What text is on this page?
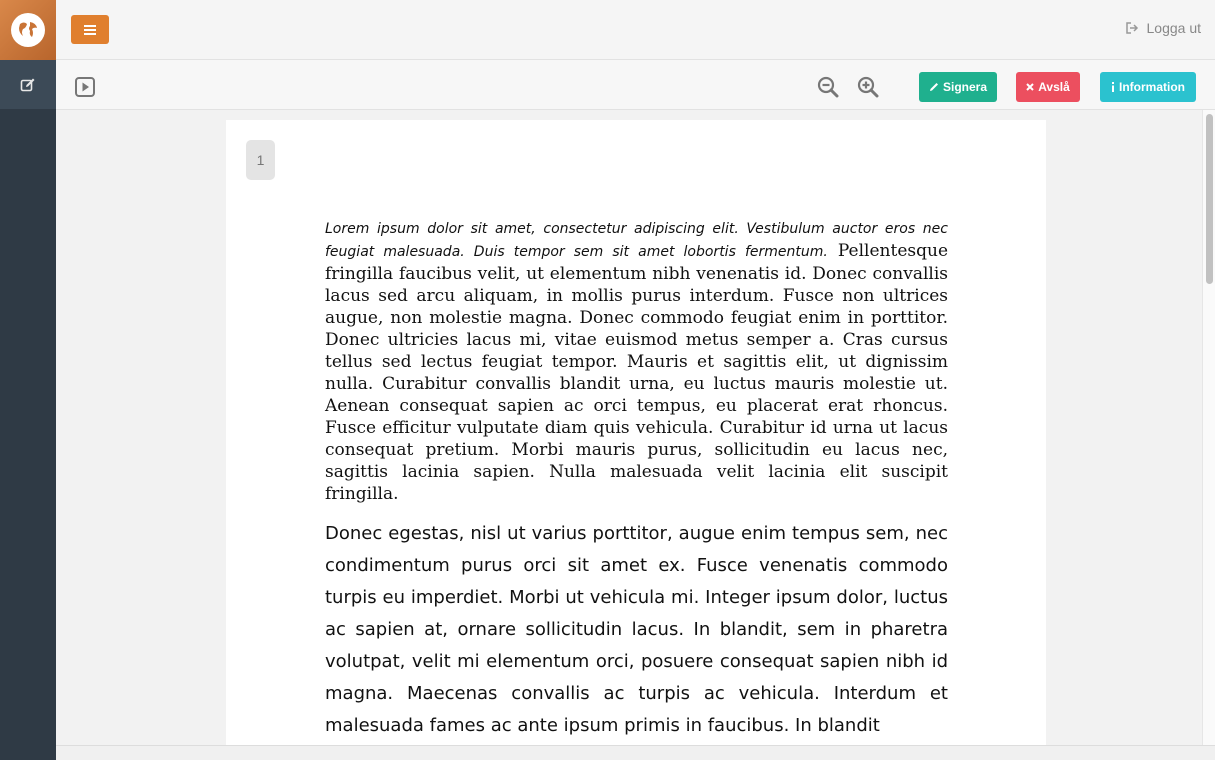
Logga ut
Signera	Avslå	Information
1
Lorem ipsum dolor sit amet, consectetur adipiscing elit. Vestibulum auctor eros nec feugiat malesuada. Duis tempor sem sit amet lobortis fermentum. Pellentesque fringilla faucibus velit, ut elementum nibh venenatis id. Donec convallis lacus sed arcu aliquam, in mollis purus interdum. Fusce non ultrices augue, non molestie magna. Donec commodo feugiat enim in porttitor. Donec ultricies lacus mi, vitae euismod metus semper a. Cras cursus tellus sed lectus feugiat tempor. Mauris et sagittis elit, ut dignissim nulla. Curabitur convallis blandit urna, eu luctus mauris molestie ut. Aenean consequat sapien ac orci tempus, eu placerat erat rhoncus. Fusce efficitur vulputate diam quis vehicula. Curabitur id urna ut lacus consequat pretium. Morbi mauris purus, sollicitudin eu lacus nec, sagittis lacinia sapien. Nulla malesuada velit lacinia elit suscipit fringilla.
Donec egestas, nisl ut varius porttitor, augue enim tempus sem, nec condimentum purus orci sit amet ex. Fusce venenatis commodo turpis eu imperdiet. Morbi ut vehicula mi. Integer ipsum dolor, luctus ac sapien at, ornare sollicitudin lacus. In blandit, sem in pharetra volutpat, velit mi elementum orci, posuere consequat sapien nibh id magna. Maecenas convallis ac turpis ac vehicula. Interdum et malesuada fames ac ante ipsum primis in faucibus. In blandit
